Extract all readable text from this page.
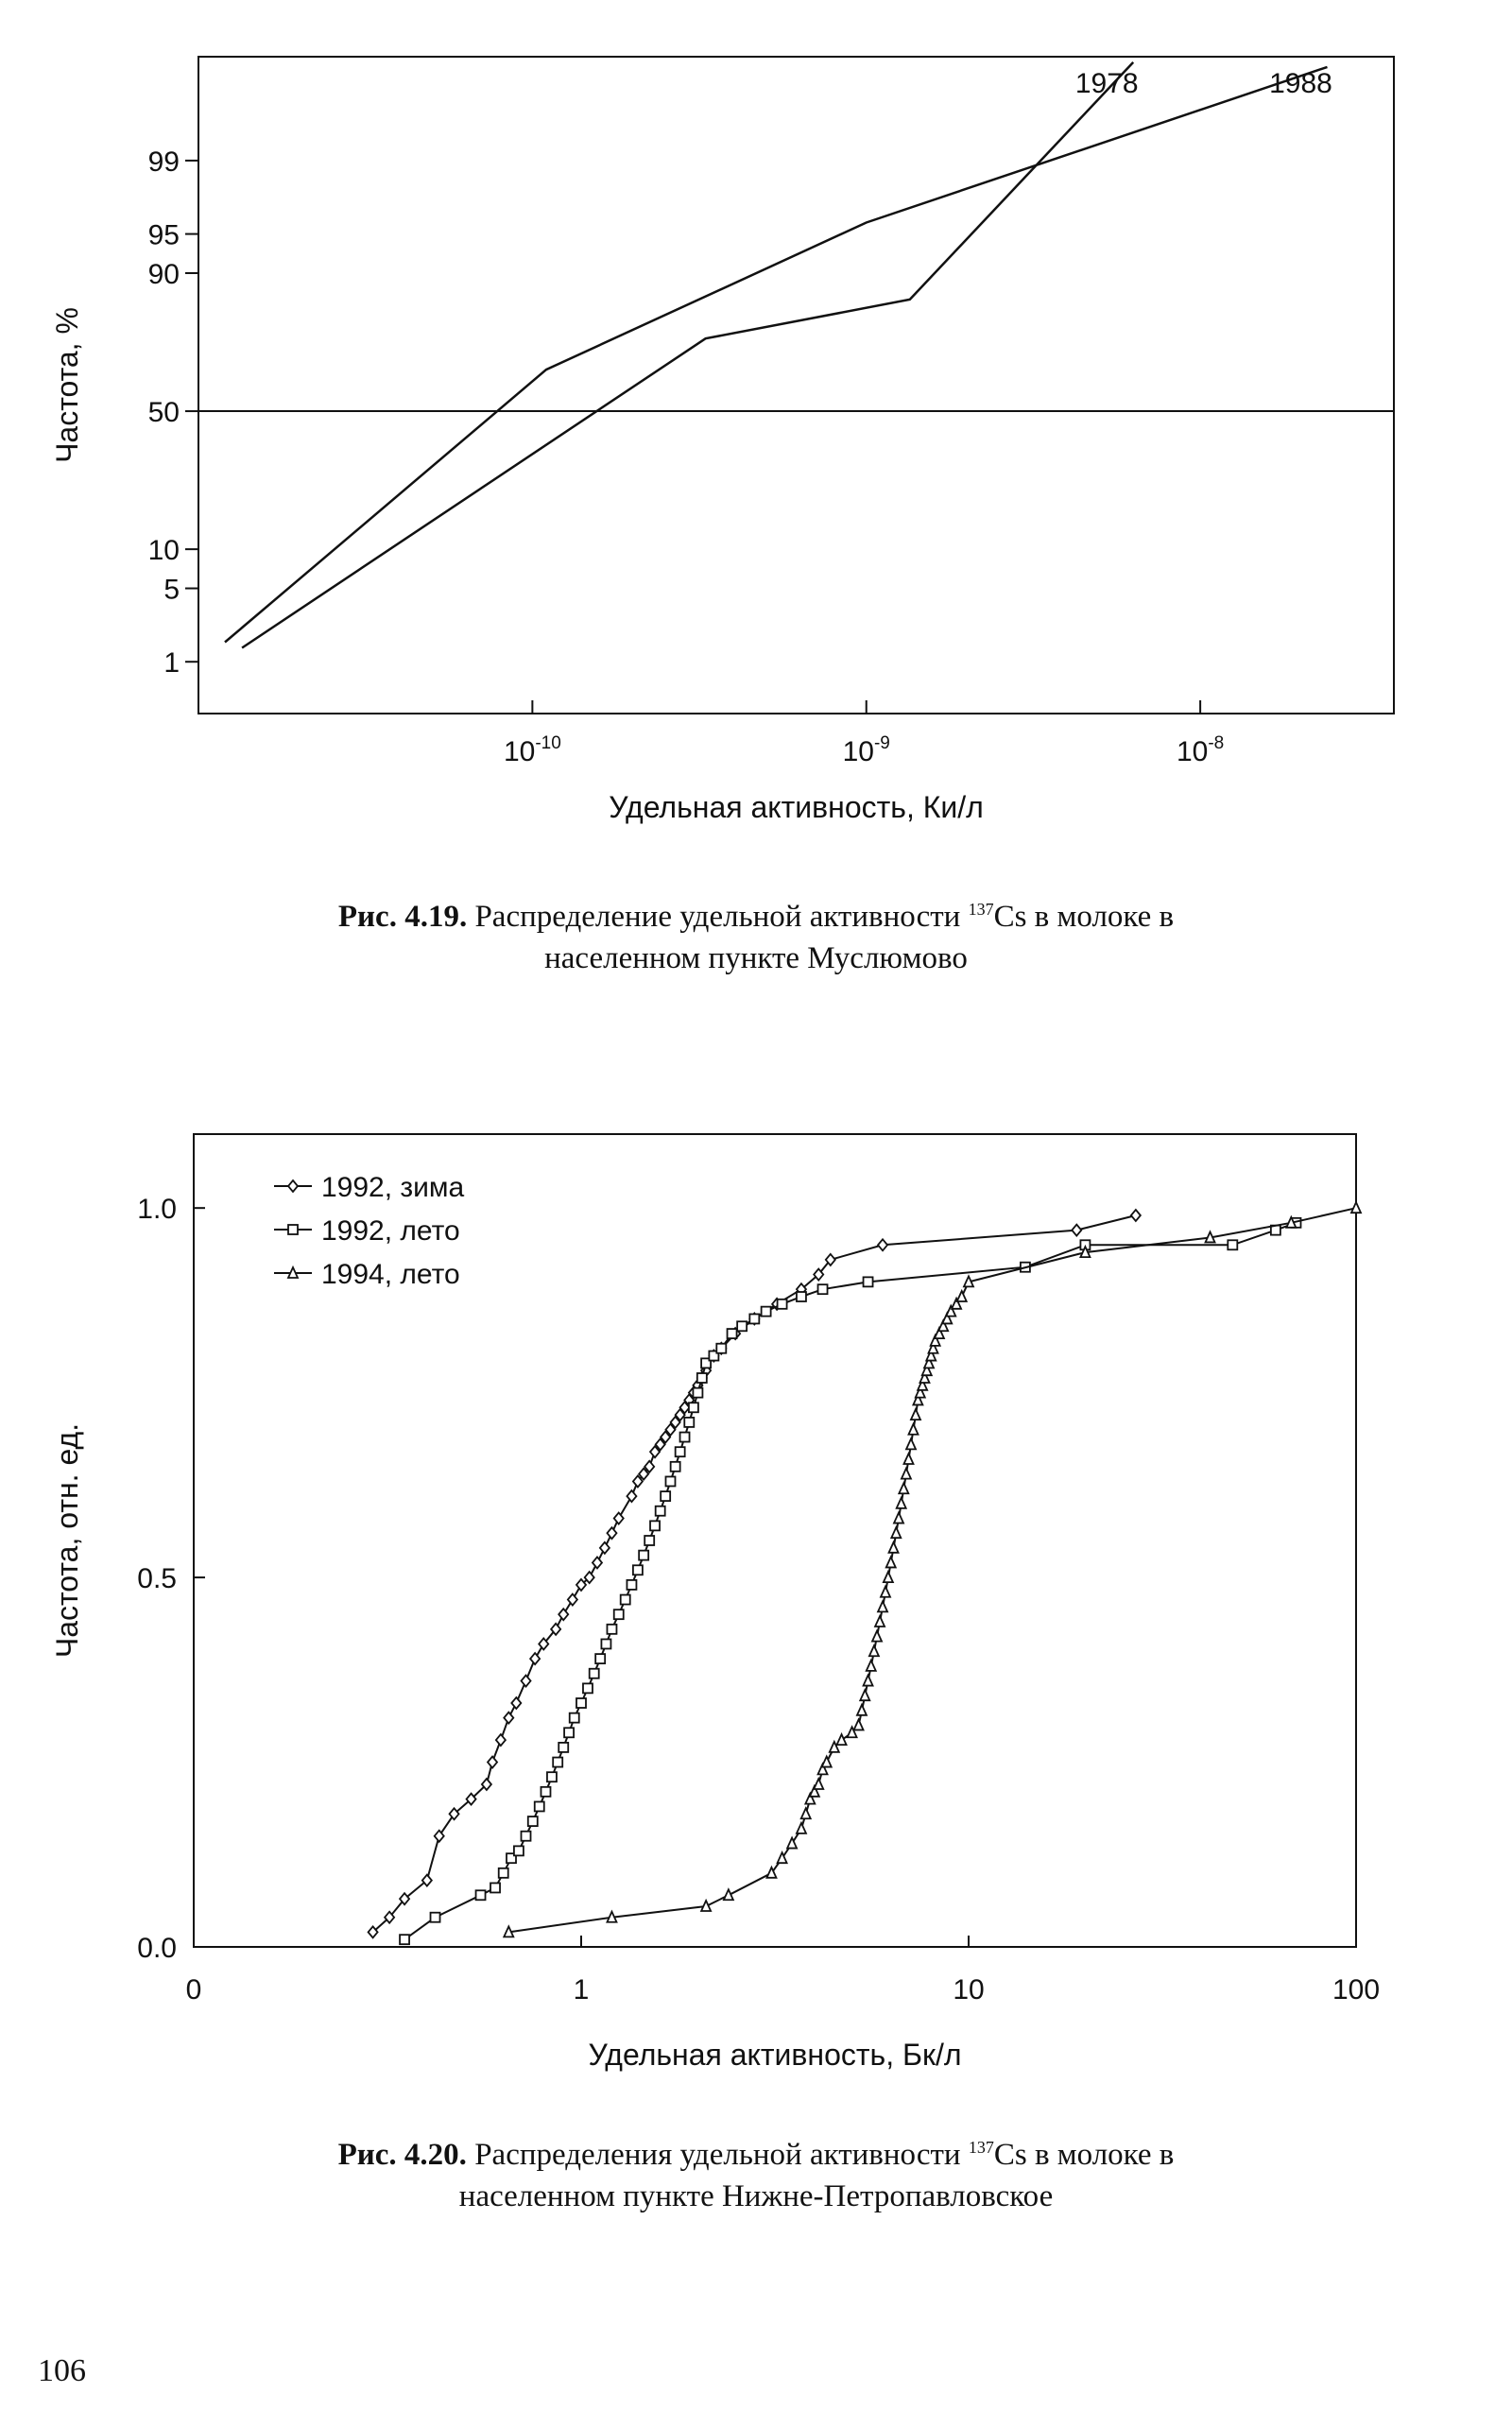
1
5
10
50
90
95
99
$10^{-10}$	$10^{-9}$	$10^{-8}$
1978	1988
Удельная активность, Ки/л
Частота, %
Рис. 4.19. Распределение удельной активности $^{137}$Cs в молоке в
населенном пункте Муслюмово
0.0
0.5
1.0
0	1	10	100
1992, зима
1992, лето
1994, лето
Удельная активность, Бк/л
Частота, отн. ед.
Рис. 4.20. Распределения удельной активности $^{137}$Cs в молоке в
населенном пункте Нижне-Петропавловское
106
